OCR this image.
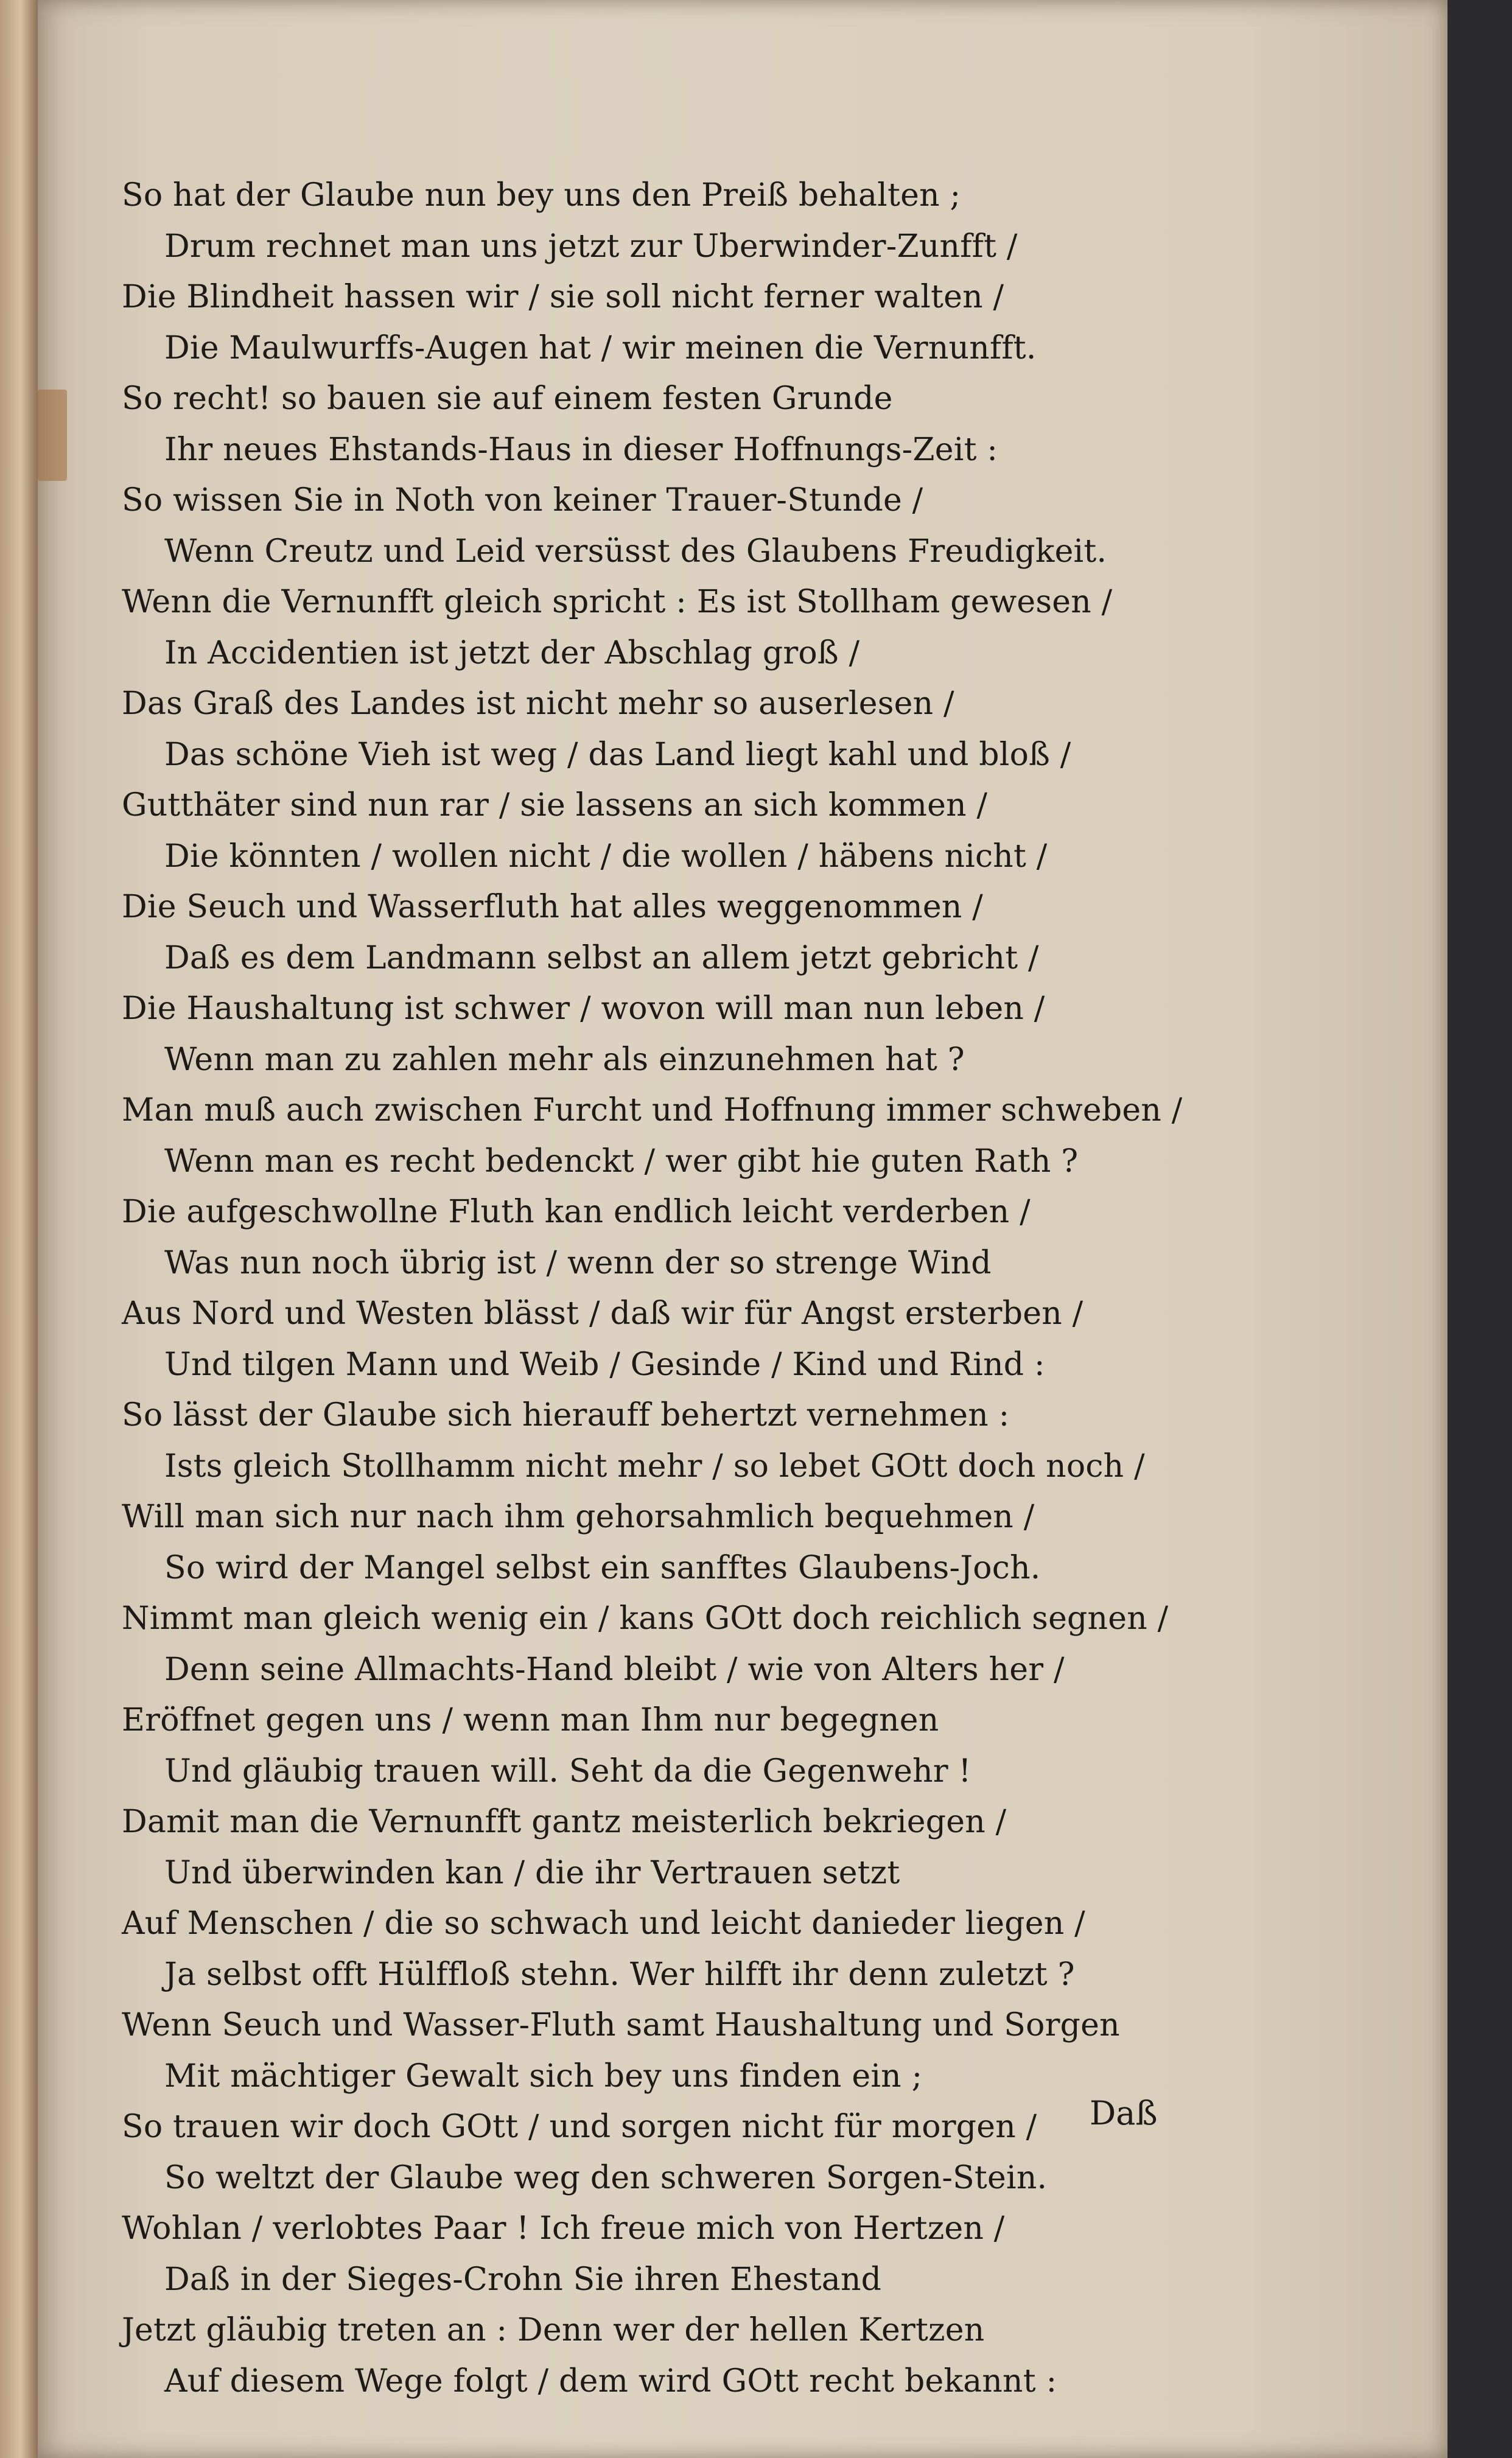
So hat der Glaube nun bey uns den Preiß behalten ;
Drum rechnet man uns jetzt zur Uberwinder-Zunfft /
Die Blindheit hassen wir / sie soll nicht ferner walten /
Die Maulwurffs-Augen hat / wir meinen die Vernunfft.
So recht! so bauen sie auf einem festen Grunde
Ihr neues Ehstands-Haus in dieser Hoffnungs-Zeit :
So wissen Sie in Noth von keiner Trauer-Stunde /
Wenn Creutz und Leid versüsst des Glaubens Freudigkeit.
Wenn die Vernunfft gleich spricht : Es ist Stollham gewesen /
In Accidentien ist jetzt der Abschlag groß /
Das Graß des Landes ist nicht mehr so auserlesen /
Das schöne Vieh ist weg / das Land liegt kahl und bloß /
Gutthäter sind nun rar / sie lassens an sich kommen /
Die könnten / wollen nicht / die wollen / häbens nicht /
Die Seuch und Wasserfluth hat alles weggenommen /
Daß es dem Landmann selbst an allem jetzt gebricht /
Die Haushaltung ist schwer / wovon will man nun leben /
Wenn man zu zahlen mehr als einzunehmen hat ?
Man muß auch zwischen Furcht und Hoffnung immer schweben /
Wenn man es recht bedenckt / wer gibt hie guten Rath ?
Die aufgeschwollne Fluth kan endlich leicht verderben /
Was nun noch übrig ist / wenn der so strenge Wind
Aus Nord und Westen blässt / daß wir für Angst ersterben /
Und tilgen Mann und Weib / Gesinde / Kind und Rind :
So lässt der Glaube sich hierauff behertzt vernehmen :
Ists gleich Stollhamm nicht mehr / so lebet GOtt doch noch /
Will man sich nur nach ihm gehorsahmlich bequehmen /
So wird der Mangel selbst ein sanfftes Glaubens-Joch.
Nimmt man gleich wenig ein / kans GOtt doch reichlich segnen /
Denn seine Allmachts-Hand bleibt / wie von Alters her /
Eröffnet gegen uns / wenn man Ihm nur begegnen
Und gläubig trauen will. Seht da die Gegenwehr !
Damit man die Vernunfft gantz meisterlich bekriegen /
Und überwinden kan / die ihr Vertrauen setzt
Auf Menschen / die so schwach und leicht danieder liegen /
Ja selbst offt Hülffloß stehn. Wer hilfft ihr denn zuletzt ?
Wenn Seuch und Wasser-Fluth samt Haushaltung und Sorgen
Mit mächtiger Gewalt sich bey uns finden ein ;
So trauen wir doch GOtt / und sorgen nicht für morgen /
So weltzt der Glaube weg den schweren Sorgen-Stein.
Wohlan / verlobtes Paar ! Ich freue mich von Hertzen /
Daß in der Sieges-Crohn Sie ihren Ehestand
Jetzt gläubig treten an : Denn wer der hellen Kertzen
Auf diesem Wege folgt / dem wird GOtt recht bekannt :
Daß
